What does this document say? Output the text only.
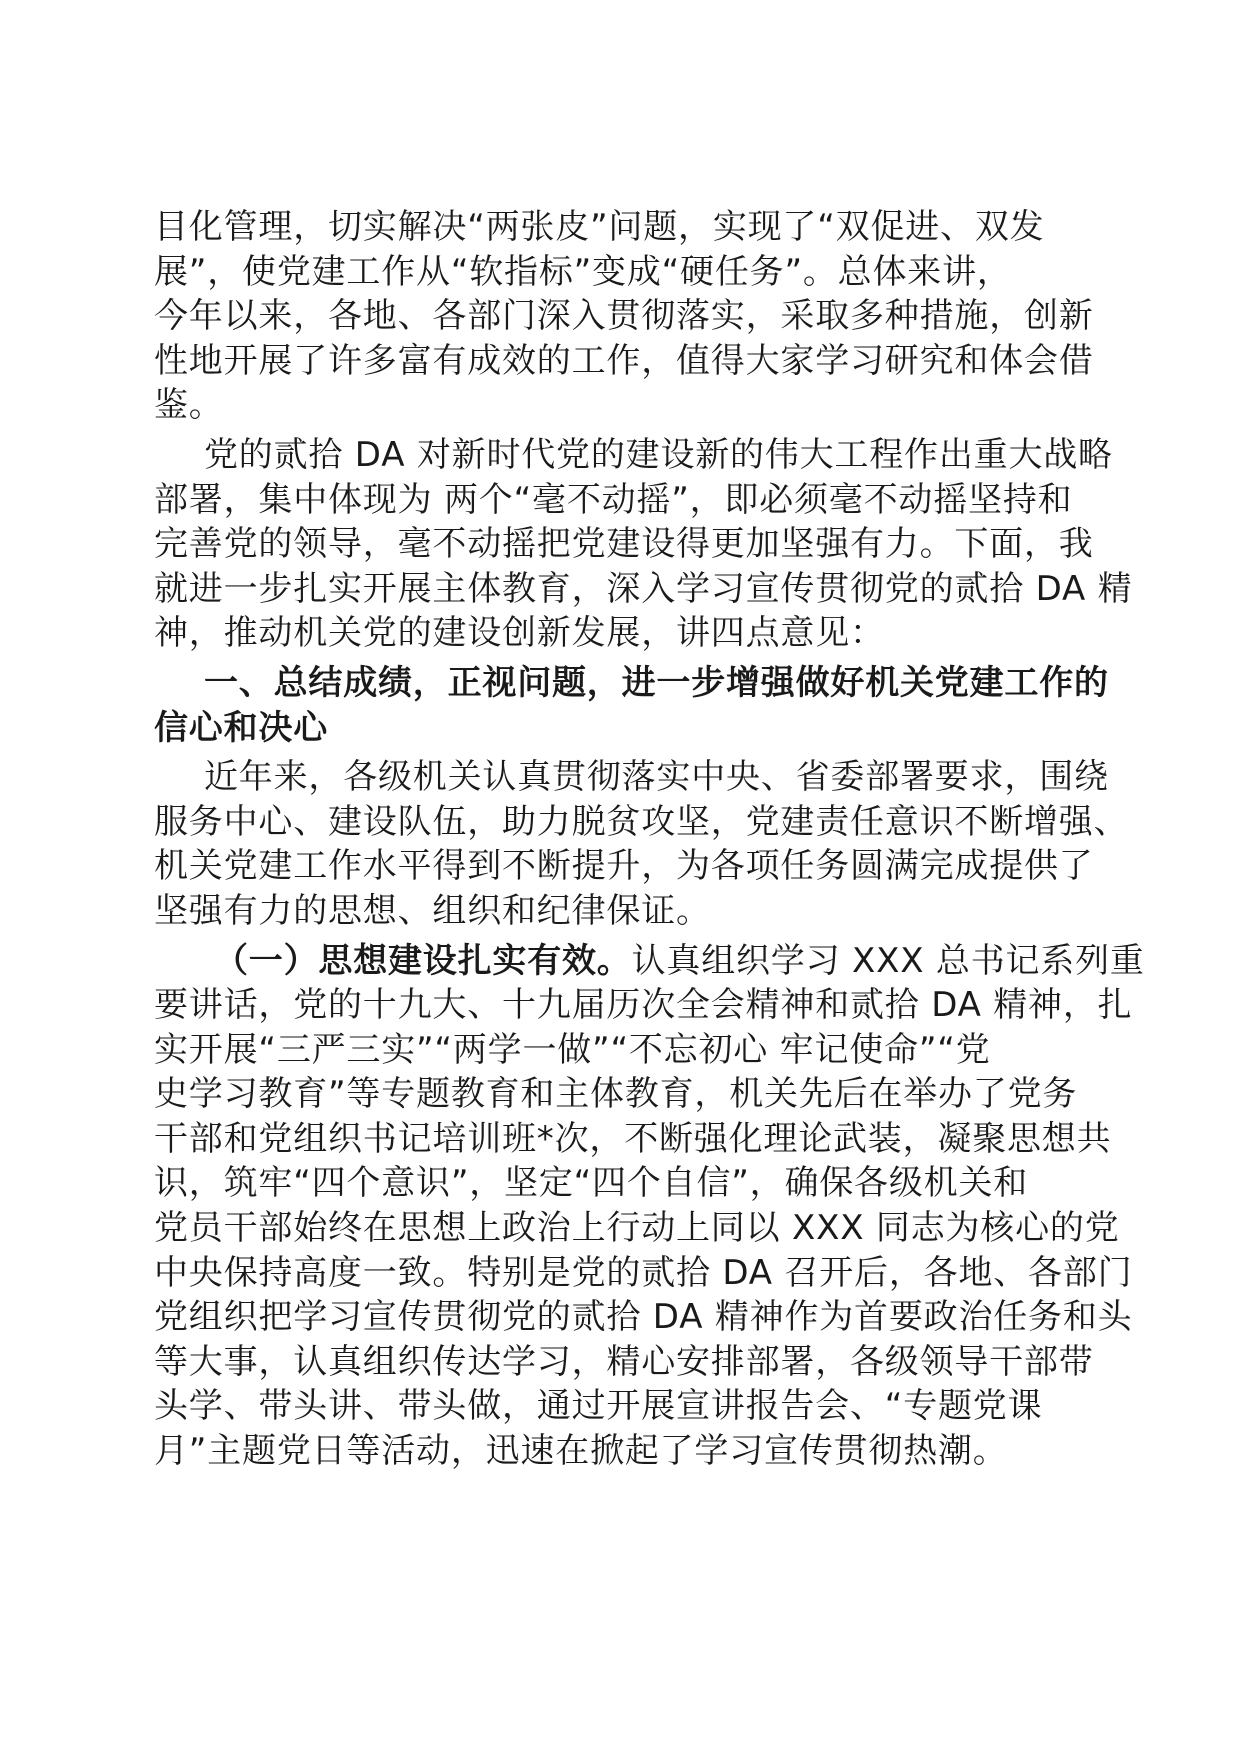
目化管理，切实解决“两张皮”问题，实现了“双促进、双发
展”，使党建工作从“软指标”变成“硬任务”。总体来讲，
今年以来，各地、各部门深入贯彻落实，采取多种措施，创新
性地开展了许多富有成效的工作，值得大家学习研究和体会借
鉴。
党的贰拾 DA 对新时代党的建设新的伟大工程作出重大战略
部署，集中体现为 两个“毫不动摇”，即必须毫不动摇坚持和
完善党的领导，毫不动摇把党建设得更加坚强有力。下面，我
就进一步扎实开展主体教育，深入学习宣传贯彻党的贰拾 DA 精
神，推动机关党的建设创新发展，讲四点意见：
一、总结成绩，正视问题，进一步增强做好机关党建工作的
信心和决心
近年来，各级机关认真贯彻落实中央、省委部署要求，围绕
服务中心、建设队伍，助力脱贫攻坚，党建责任意识不断增强、
机关党建工作水平得到不断提升，为各项任务圆满完成提供了
坚强有力的思想、组织和纪律保证。
（一）思想建设扎实有效。认真组织学习 XXX 总书记系列重
要讲话，党的十九大、十九届历次全会精神和贰拾 DA 精神，扎
实开展“三严三实”“两学一做”“不忘初心 牢记使命”“党
史学习教育”等专题教育和主体教育，机关先后在举办了党务
干部和党组织书记培训班*次，不断强化理论武装，凝聚思想共
识，筑牢“四个意识”，坚定“四个自信”，确保各级机关和
党员干部始终在思想上政治上行动上同以 XXX 同志为核心的党
中央保持高度一致。特别是党的贰拾 DA 召开后，各地、各部门
党组织把学习宣传贯彻党的贰拾 DA 精神作为首要政治任务和头
等大事，认真组织传达学习，精心安排部署，各级领导干部带
头学、带头讲、带头做，通过开展宣讲报告会、“专题党课
月”主题党日等活动，迅速在掀起了学习宣传贯彻热潮。
